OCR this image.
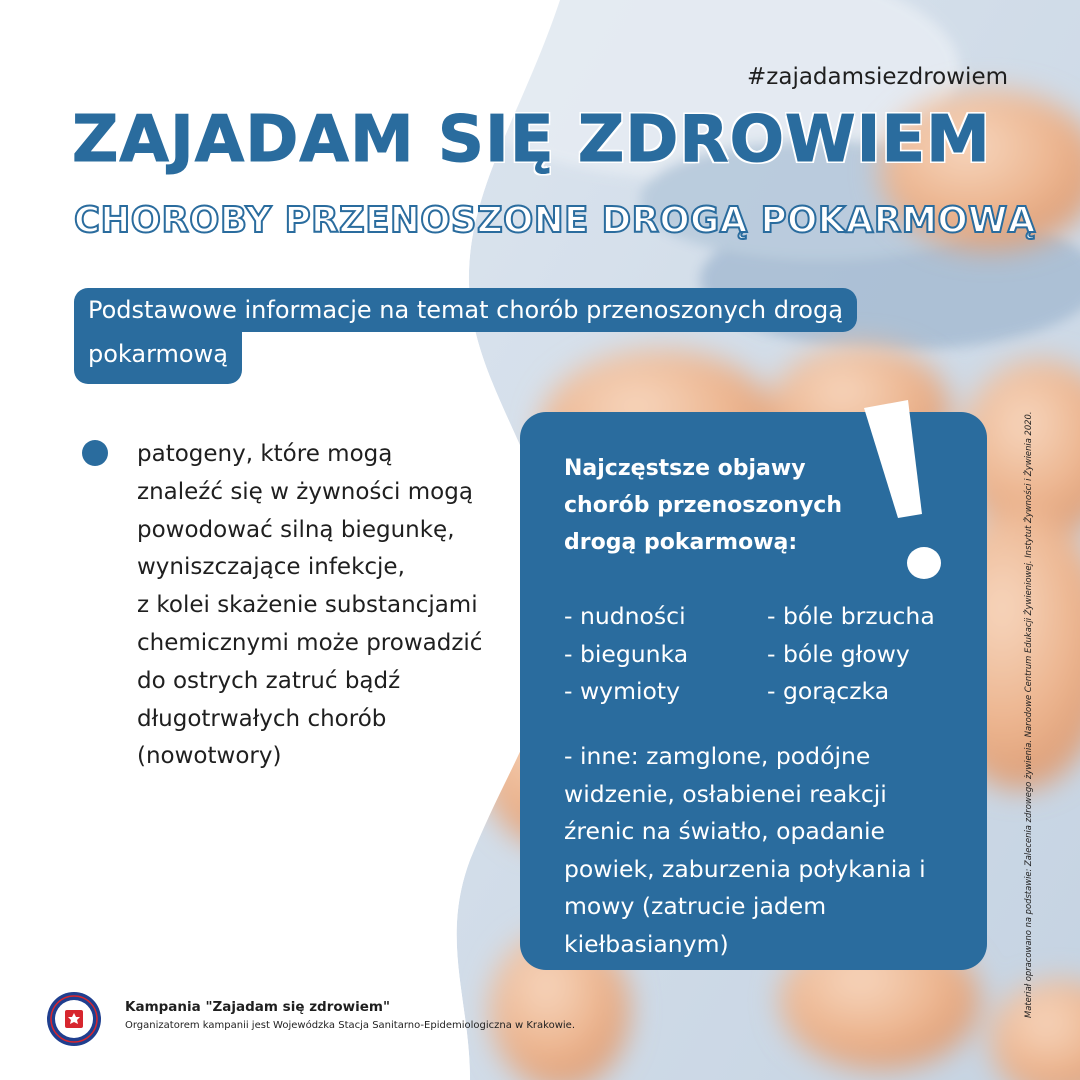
#zajadamsiezdrowiem
ZAJADAM SIĘ ZDROWIEM
CHOROBY PRZENOSZONE DROGĄ POKARMOWĄ
Podstawowe informacje na temat chorób przenoszonych drogą
pokarmową
patogeny, które mogą
znaleźć się w żywności mogą
powodować silną biegunkę,
wyniszczające infekcje,
z kolei skażenie substancjami
chemicznymi może prowadzić
do ostrych zatruć bądź
długotrwałych chorób
(nowotwory)
Najczęstsze objawy chorób przenoszonych drogą pokarmową:
- nudności
- biegunka
- wymioty
- bóle brzucha
- bóle głowy
- gorączka
- inne: zamglone, podójne widzenie, osłabienei reakcji źrenic na światło, opadanie powiek, zaburzenia połykania i mowy (zatrucie jadem kiełbasianym)	Materiał opracowano na podstawie: Zalecenia zdrowego żywienia. Narodowe Centrum Edukacji Żywieniowej. Instytut Żywności i Żywienia 2020.
Kampania "Zajadam się zdrowiem"
Organizatorem kampanii jest Wojewódzka Stacja Sanitarno-Epidemiologiczna w Krakowie.
